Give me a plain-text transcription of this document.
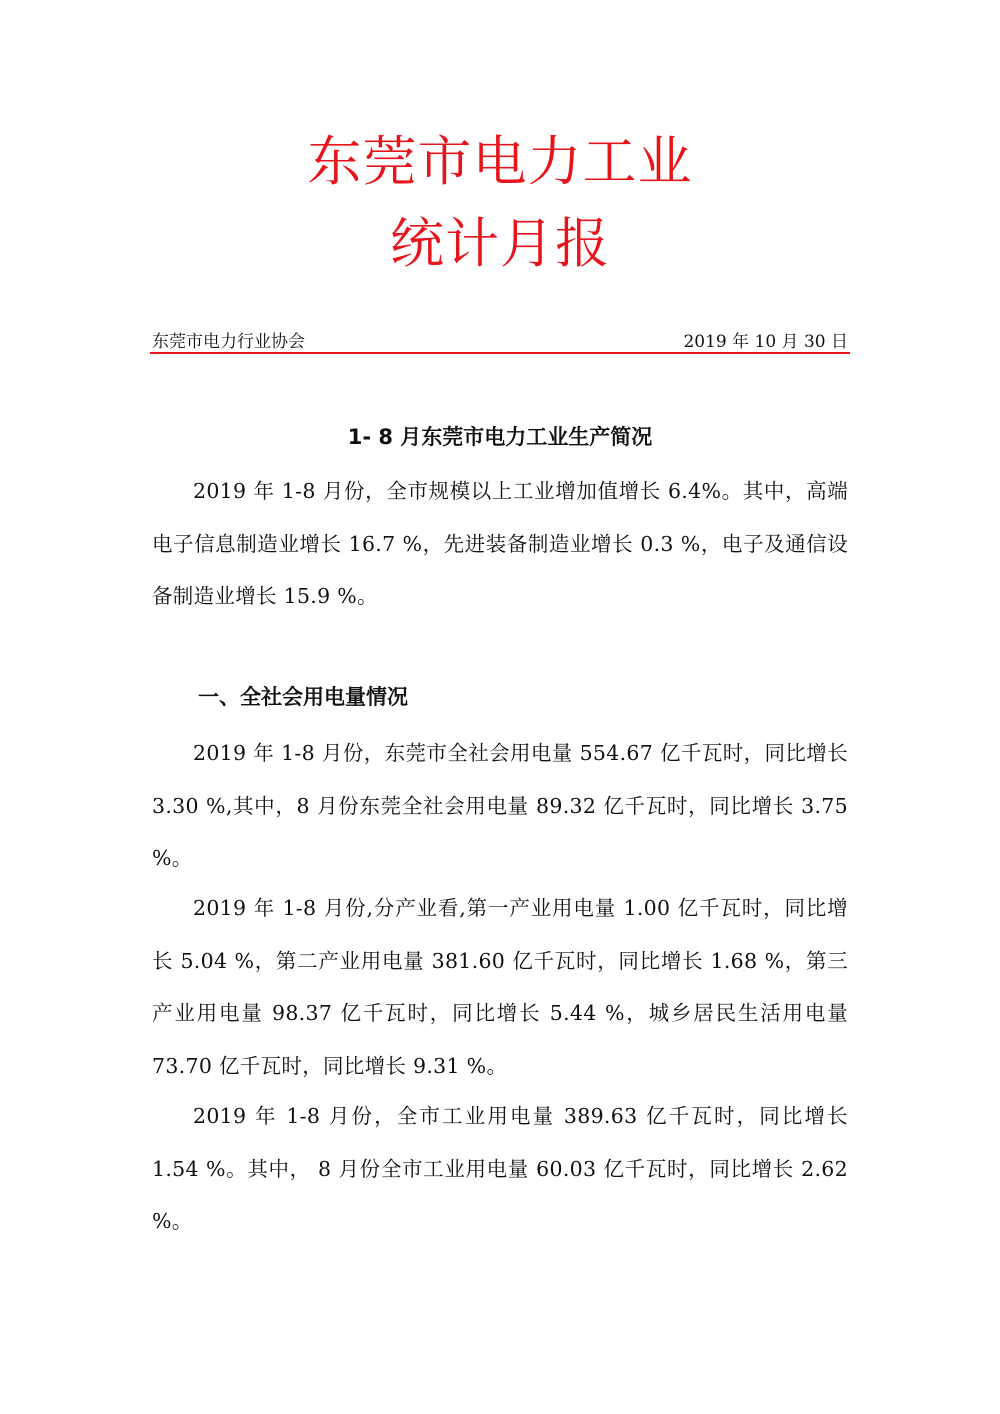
东莞市电力工业
统计月报
东莞市电力行业协会	2019 年 10 月 30 日
1- 8 月东莞市电力工业生产简况

2019 年 1-8 月份，全市规模以上工业增加值增长 6.4%。其中，高端电子信息制造业增长 16.7 %，先进装备制造业增长 0.3 %，电子及通信设备制造业增长 15.9 %。

一、全社会用电量情况

2019 年 1-8 月份，东莞市全社会用电量 554.67 亿千瓦时，同比增长 3.30 %,其中，8 月份东莞全社会用电量 89.32 亿千瓦时，同比增长 3.75 %。

2019 年 1-8 月份,分产业看,第一产业用电量 1.00 亿千瓦时，同比增长 5.04 %，第二产业用电量 381.60 亿千瓦时，同比增长 1.68 %，第三产业用电量 98.37 亿千瓦时，同比增长 5.44 %，城乡居民生活用电量 73.70 亿千瓦时，同比增长 9.31 %。

2019 年 1-8 月份，全市工业用电量 389.63 亿千瓦时，同比增长 1.54 %。其中， 8 月份全市工业用电量 60.03 亿千瓦时，同比增长 2.62 %。
